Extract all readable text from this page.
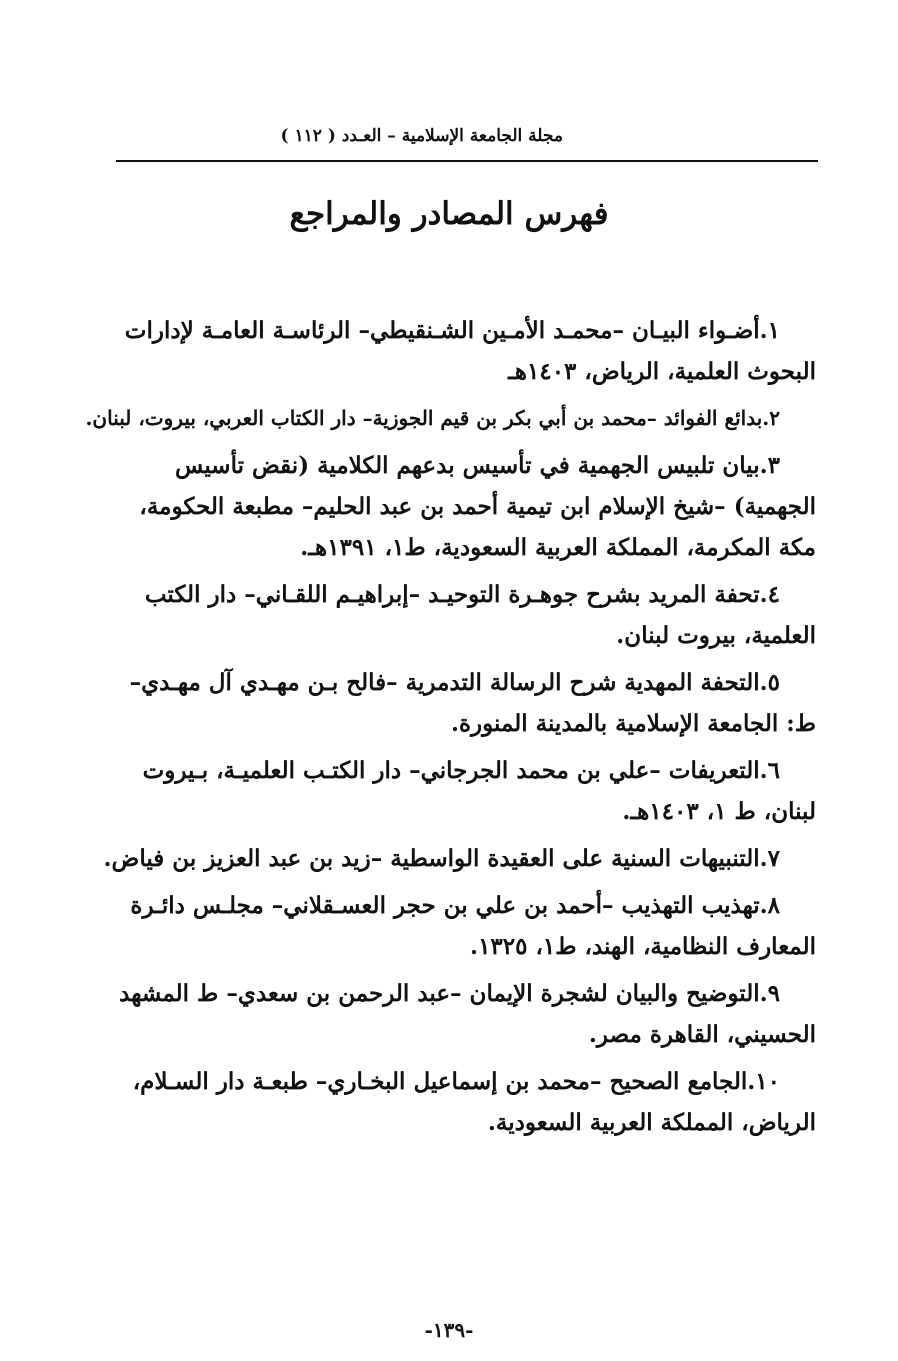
مجلة الجامعة الإسلامية – العـدد ( ١١٢ )
فهرس المصادر والمراجع
١.أضـواء البيـان –محمـد الأمـين الشـنقيطي– الرئاسـة العامـة لإدارات
البحوث العلمية، الرياض، ١٤٠٣هـ
٢.بدائع الفوائد –محمد بن أبي بكر بن قيم الجوزية– دار الكتاب العربي، بيروت، لبنان.
٣.بيان تلبيس الجهمية في تأسيس بدعهم الكلامية (نقض تأسيس
الجهمية) –شيخ الإسلام ابن تيمية أحمد بن عبد الحليم– مطبعة الحكومة،
مكة المكرمة، المملكة العربية السعودية، ط١، ١٣٩١هـ.
٤.تحفة المريد بشرح جوهـرة التوحيـد –إبراهيـم اللقـاني– دار الكتب
العلمية، بيروت لبنان.
٥.التحفة المهدية شرح الرسالة التدمرية –فالح بـن مهـدي آل مهـدي–
ط: الجامعة الإسلامية بالمدينة المنورة.
٦.التعريفات –علي بن محمد الجرجاني– دار الكتـب العلميـة، بـيروت
لبنان، ط ١، ١٤٠٣هـ.
٧.التنبيهات السنية على العقيدة الواسطية –زيد بن عبد العزيز بن فياض.
٨.تهذيب التهذيب –أحمد بن علي بن حجر العسـقلاني– مجلـس دائـرة
المعارف النظامية، الهند، ط١، ١٣٢٥.
٩.التوضيح والبيان لشجرة الإيمان –عبد الرحمن بن سعدي– ط المشهد
الحسيني، القاهرة مصر.
١٠.الجامع الصحيح –محمد بن إسماعيل البخـاري– طبعـة دار السـلام،
الرياض، المملكة العربية السعودية.
-١٣٩-
